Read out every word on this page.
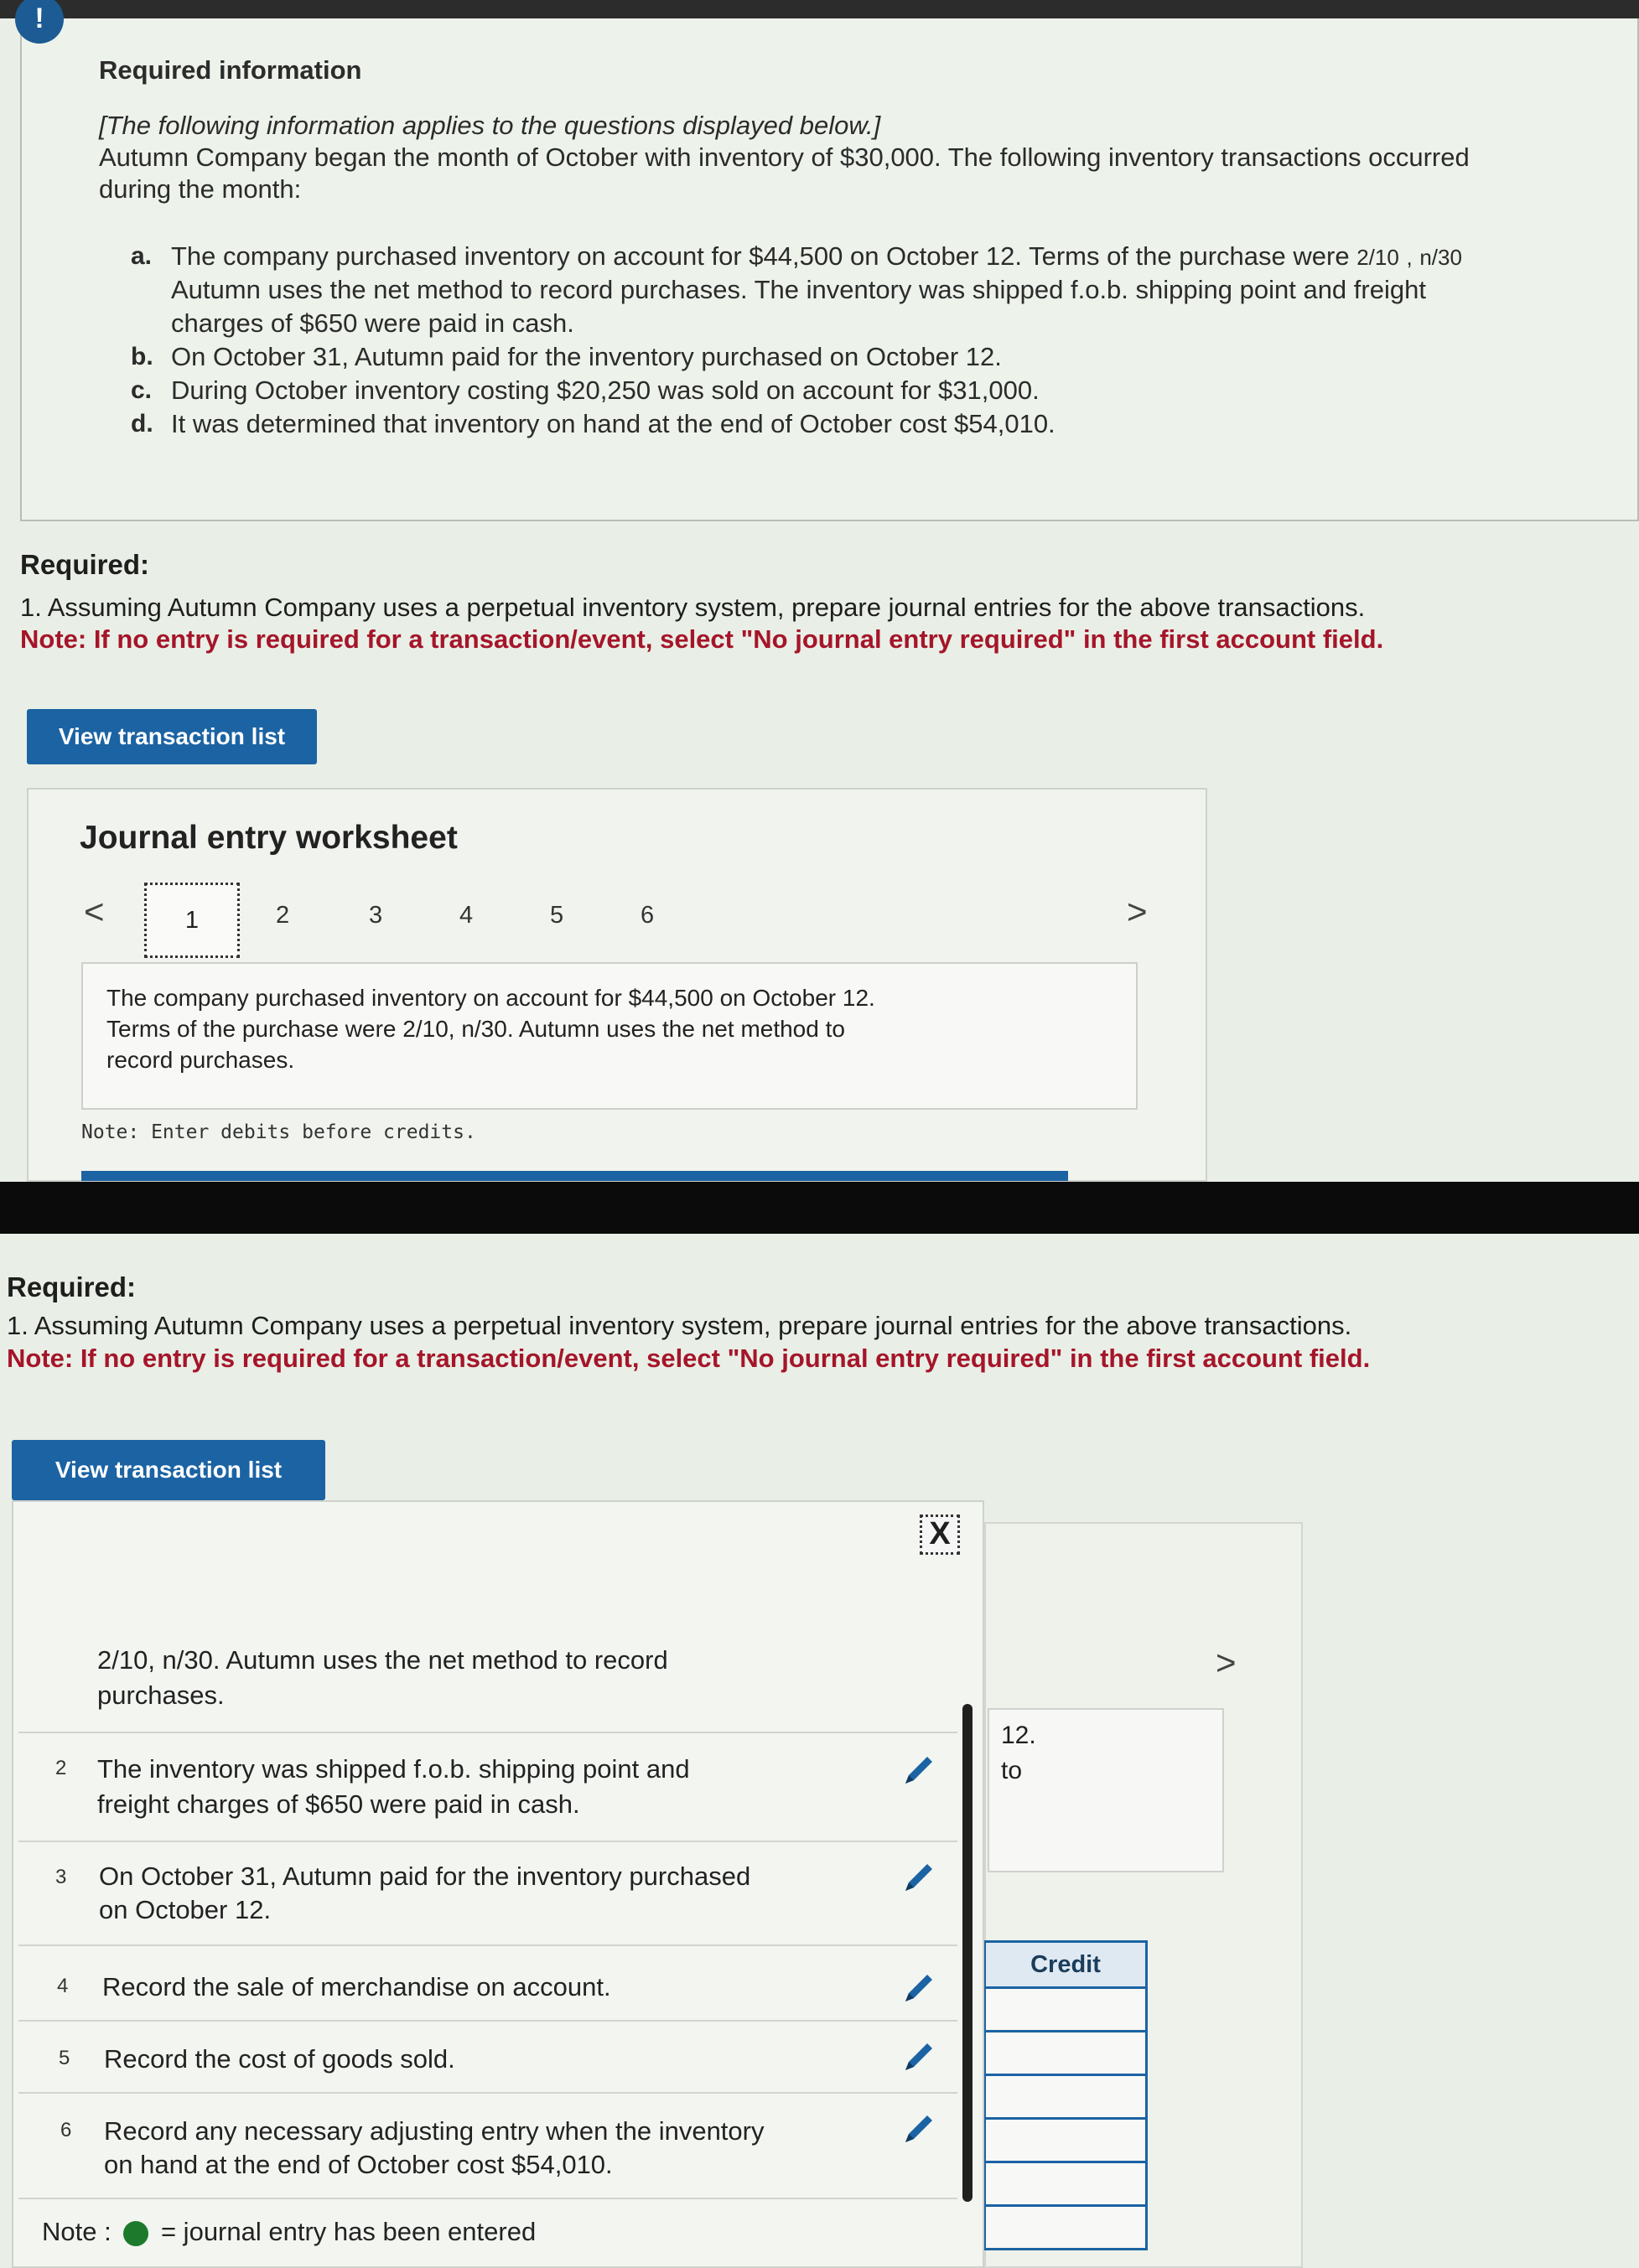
!
Required information
[The following information applies to the questions displayed below.]
Autumn Company began the month of October with inventory of $30,000. The following inventory transactions occurred
during the month:
a. The company purchased inventory on account for $44,500 on October 12. Terms of the purchase were 2/10 , n/30
Autumn uses the net method to record purchases. The inventory was shipped f.o.b. shipping point and freight
charges of $650 were paid in cash.
b. On October 31, Autumn paid for the inventory purchased on October 12.
c. During October inventory costing $20,250 was sold on account for $31,000.
d. It was determined that inventory on hand at the end of October cost $54,010.
Required:
1. Assuming Autumn Company uses a perpetual inventory system, prepare journal entries for the above transactions.
Note: If no entry is required for a transaction/event, select "No journal entry required" in the first account field.
View transaction list
Journal entry worksheet
<	1	2	3	4	5	6	>
The company purchased inventory on account for $44,500 on October 12.
Terms of the purchase were 2/10, n/30. Autumn uses the net method to
record purchases.
Note: Enter debits before credits.
Required:
1. Assuming Autumn Company uses a perpetual inventory system, prepare journal entries for the above transactions.
Note: If no entry is required for a transaction/event, select "No journal entry required" in the first account field.
View transaction list
12.
to
Credit
>
X
2/10, n/30. Autumn uses the net method to record
purchases.
2 The inventory was shipped f.o.b. shipping point and
freight charges of $650 were paid in cash.
3 On October 31, Autumn paid for the inventory purchased
on October 12.
4 Record the sale of merchandise on account.
5 Record the cost of goods sold.
6 Record any necessary adjusting entry when the inventory
on hand at the end of October cost $54,010.
Note : = journal entry has been entered
